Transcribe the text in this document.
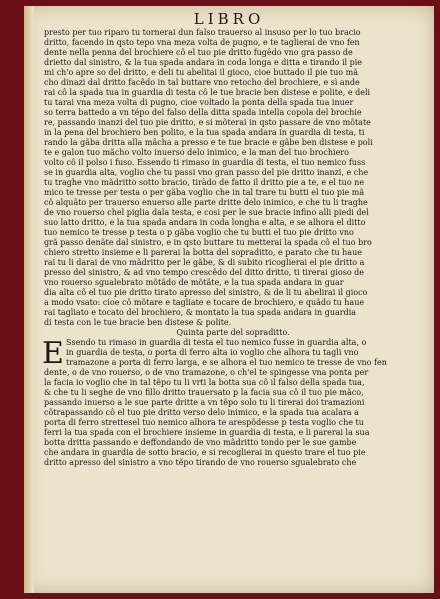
LIBRO
presto per tuo riparo tu tornerai dun falso trauerso al insuso per lo tuo bracio
dritto, facendo in qsto tepo vna meza volta de pugno, e te taglierai de vno fen
dente nella penna del brochiere cô el tuo pie dritto fugêdo vno gra passo de
drietto dal sinistro, & la tua spada andara in coda longa e ditta e tirando il pie
mi ch'o apre so del dritto, e deli tu abelitai il gioco, cioe buttado il pie tuo mã
cho dinazi dal dritto facêdo in tal buttare vno retocho del brochiere, e sì ande
rai cô la spada tua in guardia di testa cô le tue bracie ben distese e polite, e deli
tu tarai vna meza volta di pugno, cioe voltado la ponta della spada tua inuer
so terra battedo a vn tépo del falso della ditta spada intella copola del brochie
re, passando inanzi del tuo pie dritto, e si mõterai in qsto passare de vno mõtate
in la pena del brochiero ben polito, e la tua spada andara in guardia di testa, ti
rando la gãba dritta alla mãcha a presso e te tue bracie e gãbe ben distese e poli
te e galon tuo mãcho volto inuerso delo inimico, e la man del tuo brochiero
volto cô il polso i fuso. Essendo ti rimaso in guardia di testa, el tuo nemico fuss
se in guardia alta, voglio che tu passi vno gran passo del pie dritto inanzi, e che
tu traghe vno mãdritto sotto bracio, tiràdo de fatto il dritto pie a te, e el tuo ne
mico te tresse per testa o per gãba voglio che in tal trare tu butti el tuo pie mã
cô alquãto per trauerso enuerso alle parte dritte delo inimico, e che tu li traghe
de vno rouerso chel piglia dala testa, e cosi per le sue bracie infino alli piedi del
suo latto dritto, e la tua spada andara in coda longha e alta, e se alhora el ditto
tuo nemico te tresse p testa o p gãba voglio che tu butti el tuo pie dritto vno
grã passo denãte dal sinistro, e in qsto buttare tu metterai la spada cô el tuo bro
chiero stretto insieme e li parerai la botta del sopraditto, e parato che tu haue
rai tu li darai de vno mãdritto per le gãbe, & di subito ricoglierai el pie dritto a
presso del sinistro, & ad vno tempo crescêdo del ditto dritto, ti tirerai gioso de
vno rouerso sgualebrato mõtãdo de mõtãte, e la tua spada andara in guar
dia alta cô el tuo pie dritto tirato apresso del sinistro, & de li tu abelirai il gioco
a modo vsato: cioe cô mõtare e tagliate e tocare de brochiero, e quãdo tu haue
rai tagliato e tocato del brochiero, & montato la tua spada andara in guardia
di testa con le tue bracie ben distese & polite.
Quinta parte del sopraditto.
E Ssendo tu rimaso in guardia di testa el tuo nemico fusse in guardia alta, o
in guardia de testa, o porta di ferro alta io voglio che alhora tu tagli vno
tramazone a porta di ferro larga, e se alhora el tuo nemico te tresse de vno fen
dente, o de vno rouerso, o de vno tramazone, o ch'el te spingesse vna ponta per
la facia io voglio che in tal tẽpo tu li vrti la botta sua cô il falso della spada tua,
& che tu li seghe de vno fillo dritto trauersato p la facia sua cô il tuo pie mãco,
passando inuerso a le sue parte dritte a vn tẽpo solo tu li tirerai doi tramazioni
cõtrapassando cô el tuo pie dritto verso delo inimico, e la spada tua acalara a
porta di ferro strettesel tuo nemico alhora te arespõdesse p testa voglio che tu
ferri la tua spada con el brochiere insieme in guardia di testa, e li parerai la sua
botta dritta passando e deffondando de vno mãdritto tondo per le sue gambe
che andara in guardia de sotto bracio, e si recoglierai in questo trare el tuo pie
dritto apresso del sinistro a vno tẽpo tirando de vno rouerso sgualebrato che
